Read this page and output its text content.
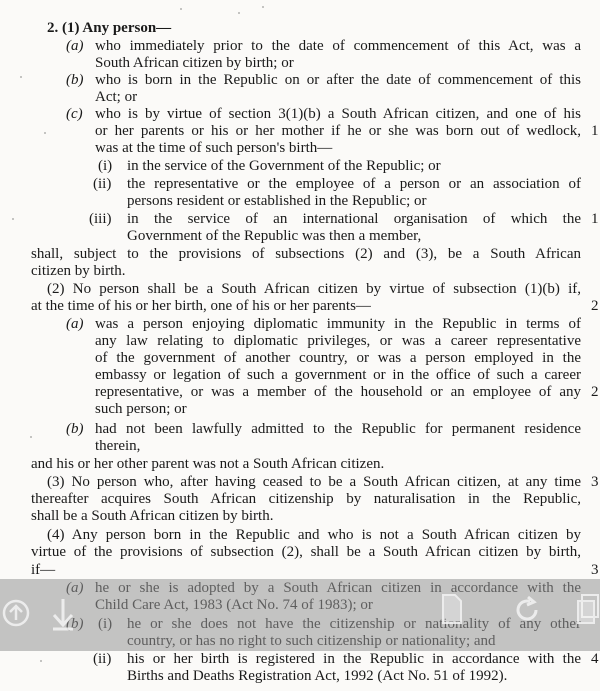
2. (1) Any person—
(a) who immediately prior to the date of commencement of this Act, was a
South African citizen by birth; or
(b) who is born in the Republic on or after the date of commencement of this
Act; or
(c) who is by virtue of section 3(1)(b) a South African citizen, and one of his
or her parents or his or her mother if he or she was born out of wedlock,
was at the time of such person's birth—
(i) in the service of the Government of the Republic; or
(ii) the representative or the employee of a person or an association of
persons resident or established in the Republic; or
(iii) in the service of an international organisation of which the
Government of the Republic was then a member,
shall, subject to the provisions of subsections (2) and (3), be a South African
citizen by birth.
(2) No person shall be a South African citizen by virtue of subsection (1)(b) if,
at the time of his or her birth, one of his or her parents—
(a) was a person enjoying diplomatic immunity in the Republic in terms of
any law relating to diplomatic privileges, or was a career representative
of the government of another country, or was a person employed in the
embassy or legation of such a government or in the office of such a career
representative, or was a member of the household or an employee of any
such person; or
(b) had not been lawfully admitted to the Republic for permanent residence
therein,
and his or her other parent was not a South African citizen.
(3) No person who, after having ceased to be a South African citizen, at any time
thereafter acquires South African citizenship by naturalisation in the Republic,
shall be a South African citizen by birth.
(4) Any person born in the Republic and who is not a South African citizen by
virtue of the provisions of subsection (2), shall be a South African citizen by birth,
if—
(ii) his or her birth is registered in the Republic in accordance with the
Births and Deaths Registration Act, 1992 (Act No. 51 of 1992).
1
1
2
2
3
3
4
